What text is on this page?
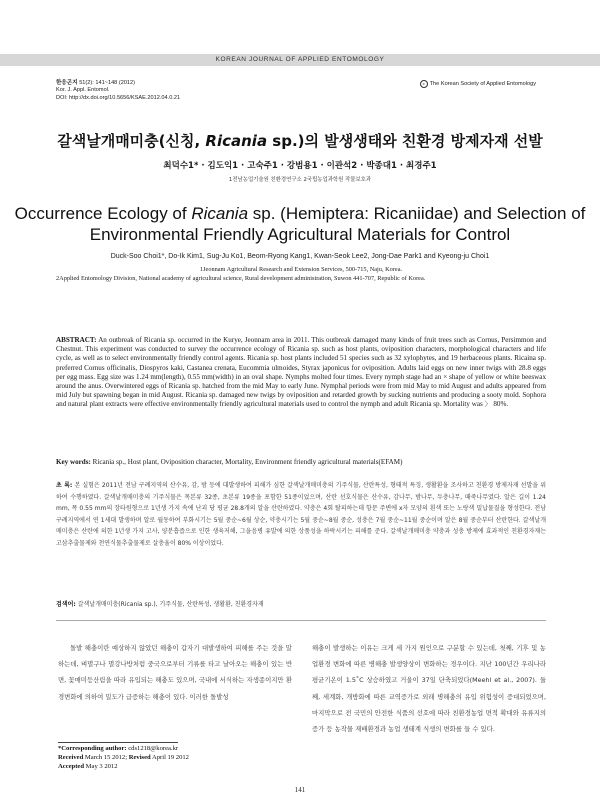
KOREAN JOURNAL OF APPLIED ENTOMOLOGY
한응곤지 51(2): 141~148 (2012)
Kor. J. Appl. Entomol.
DOI: http://dx.doi.org/10.5656/KSAE.2012.04.0.21
c The Korean Society of Applied Entomology
갈색날개매미충(신칭, Ricania sp.)의 발생생태와 친환경 방제자재 선발
최덕수1* · 김도익1 · 고숙주1 · 강범용1 · 이관석2 · 박종대1 · 최경주1
1전남농업기술원 친환경연구소 2국립농업과학원 작물보호과
Occurrence Ecology of Ricania sp. (Hemiptera: Ricaniidae) and Selection of
Environmental Friendly Agricultural Materials for Control
Duck-Soo Choi1*, Do-Ik Kim1, Sug-Ju Ko1, Beom-Ryong Kang1, Kwan-Seok Lee2, Jong-Dae Park1 and Kyeong-ju Choi1
1Jeonnam Agricultural Research and Extension Services, 500-715, Naju, Korea.
2Applied Entomology Division, National academy of agricultural science, Rural development administration, Suwon 441-707, Republic of Korea.
ABSTRACT: An outbreak of Ricania sp. occurred in the Kurye, Jeonnam area in 2011. This outbreak damaged many kinds of fruit trees such as Cornus, Persimmon and Chestnut. This experiment was conducted to survey the occurrence ecology of Ricania sp. such as host plants, oviposition characters, morphological characters and life cycle, as well as to select environmentally friendly control agents. Ricania sp. host plants included 51 species such as 32 xylophytes, and 19 herbaceous plants. Ricaina sp. preferred Cornus officinalis, Diospyros kaki, Castanea crenata, Eucommia ulmoides, Styrax japonicus for oviposition. Adults laid eggs on new inner twigs with 28.8 eggs per egg mass. Egg size was 1.24 mm(length), 0.55 mm(width) in an oval shape. Nymphs molted four times. Every nymph stage had an × shape of yellow or white beeswax around the anus. Overwintered eggs of Ricania sp. hatched from the mid May to early June. Nymphal periods were from mid May to mid August and adults appeared from mid July but spawning began in mid August. Ricania sp. damaged new twigs by oviposition and retarded growth by sucking nutrients and producing a sooty mold. Sophora and natural plant extracts were effective environmentally friendly agricultural materials used to control the nymph and adult Ricania sp. Mortality was 〉 80%.
Key words: Ricania sp., Host plant, Oviposition character, Mortality, Environment friendly agricultural materials(EFAM)
초 록: 본 실험은 2011년 전남 구례지역의 산수유, 감, 밤 등에 대발생하여 피해가 심한 갈색날개매미충의 기주식물, 산란특성, 형태적 특징, 생활환을 조사하고 친환경 방제자재 선발을 위하여 수행하였다. 갈색날개매미충의 기주식물은 목본류 32종, 초본류 19종을 포함한 51종이었으며, 산란 선호식물은 산수유, 감나무, 밤나무, 두충나무, 때죽나무였다. 알은 길이 1.24 mm, 폭 0.55 mm의 장타원형으로 1년생 가지 속에 난괴 당 평균 28.8개의 알을 산란하였다. 약충은 4회 탈피하는데 항문 주변에 x자 모양의 흰색 또는 노랑색 밀납물질을 형성한다. 전남 구례지역에서 연 1세대 발생하며 알로 월동하여 부화시기는 5월 중순~6월 상순, 약충시기는 5월 중순~8월 중순, 성충은 7월 중순~11월 중순이며 알은 8월 중순부터 산란한다. 갈색날개매미충은 산란에 의한 1년생 가지 고사, 양분흡즙으로 인한 생육저해, 그을음병 유발에 의한 상품성을 하락시키는 피해를 준다. 갈색날개매미충 약충과 성충 방제에 효과적인 친환경자재는 고삼추출물제와 천연식물추출물제로 살충율이 80% 이상이었다.
검색어: 갈색날개매미충(Ricania sp.), 기주식물, 산란특성, 생활환, 친환경자재
돌발 해충이란 예상하지 않았던 해충이 갑자기 대발생하여 피해를 주는 것을 말하는데, 벼멸구나 멸강나방처럼 중국으로부터 기류를 타고 날아오는 해충이 있는 반면, 꽃매미등산림을 따라 유입되는 해충도 있으며, 국내에 서식하는 자생종이지만 환경변화에 의하여 밀도가 급증하는 해충이 있다. 이러한 돌발성
해충이 발생하는 이유는 크게 세 가지 원인으로 구분할 수 있는데, 첫째, 기후 및 농업환경 변화에 따른 병해충 발생양상이 변화하는 경우이다. 지난 100년간 우리나라 평균기온이 1.5˚C 상승하였고 거울이 37일 단축되었다(Meehl et al., 2007). 둘째, 세계화, 개방화에 따른 교역증가로 외래 병해충의 유입 위험성이 증대되었으며, 마지막으로 전 국민의 안전한 식품의 선호에 따라 친환경농업 면적 확대와 유류지의 증가 등 농작물 재배환경과 농업 생태계 식생의 변화를 들 수 있다.
*Corresponding author: cds1218@korea.kr
Received March 15 2012; Revised April 19 2012
Accepted May 3 2012
141
